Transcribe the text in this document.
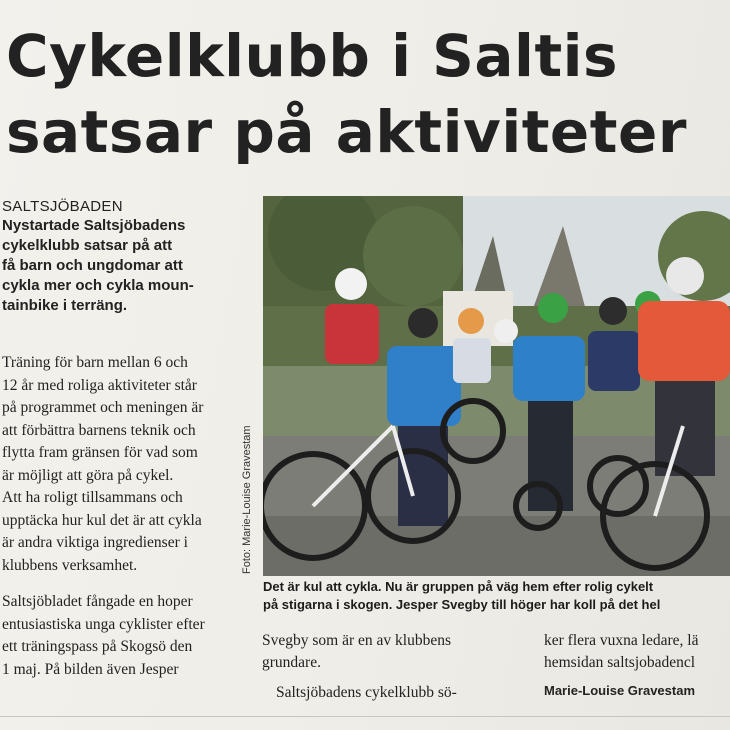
Cykelklubb i Saltis
satsar på aktiviteter
SALTSJÖBADEN
Nystartade Saltsjöbadens
cykelklubb satsar på att
få barn och ungdomar att
cykla mer och cykla moun-
tainbike i terräng.
Träning för barn mellan 6 och
12 år med roliga aktiviteter står
på programmet och meningen är
att förbättra barnens teknik och
flytta fram gränsen för vad som
är möjligt att göra på cykel.
Att ha roligt tillsammans och
upptäcka hur kul det är att cykla
är andra viktiga ingredienser i
klubbens verksamhet.
Saltsjöbladet fångade en hoper
entusiastiska unga cyklister efter
ett träningspass på Skogsö den
1 maj. På bilden även Jesper
Foto: Marie-Louise Gravestam
Det är kul att cykla. Nu är gruppen på väg hem efter rolig cykelt
på stigarna i skogen. Jesper Svegby till höger har koll på det hel
Svegby som är en av klubbens
grundare.
Saltsjöbadens cykelklubb sö-
ker flera vuxna ledare, lä
hemsidan saltsjobadencl
Marie-Louise Gravestam
